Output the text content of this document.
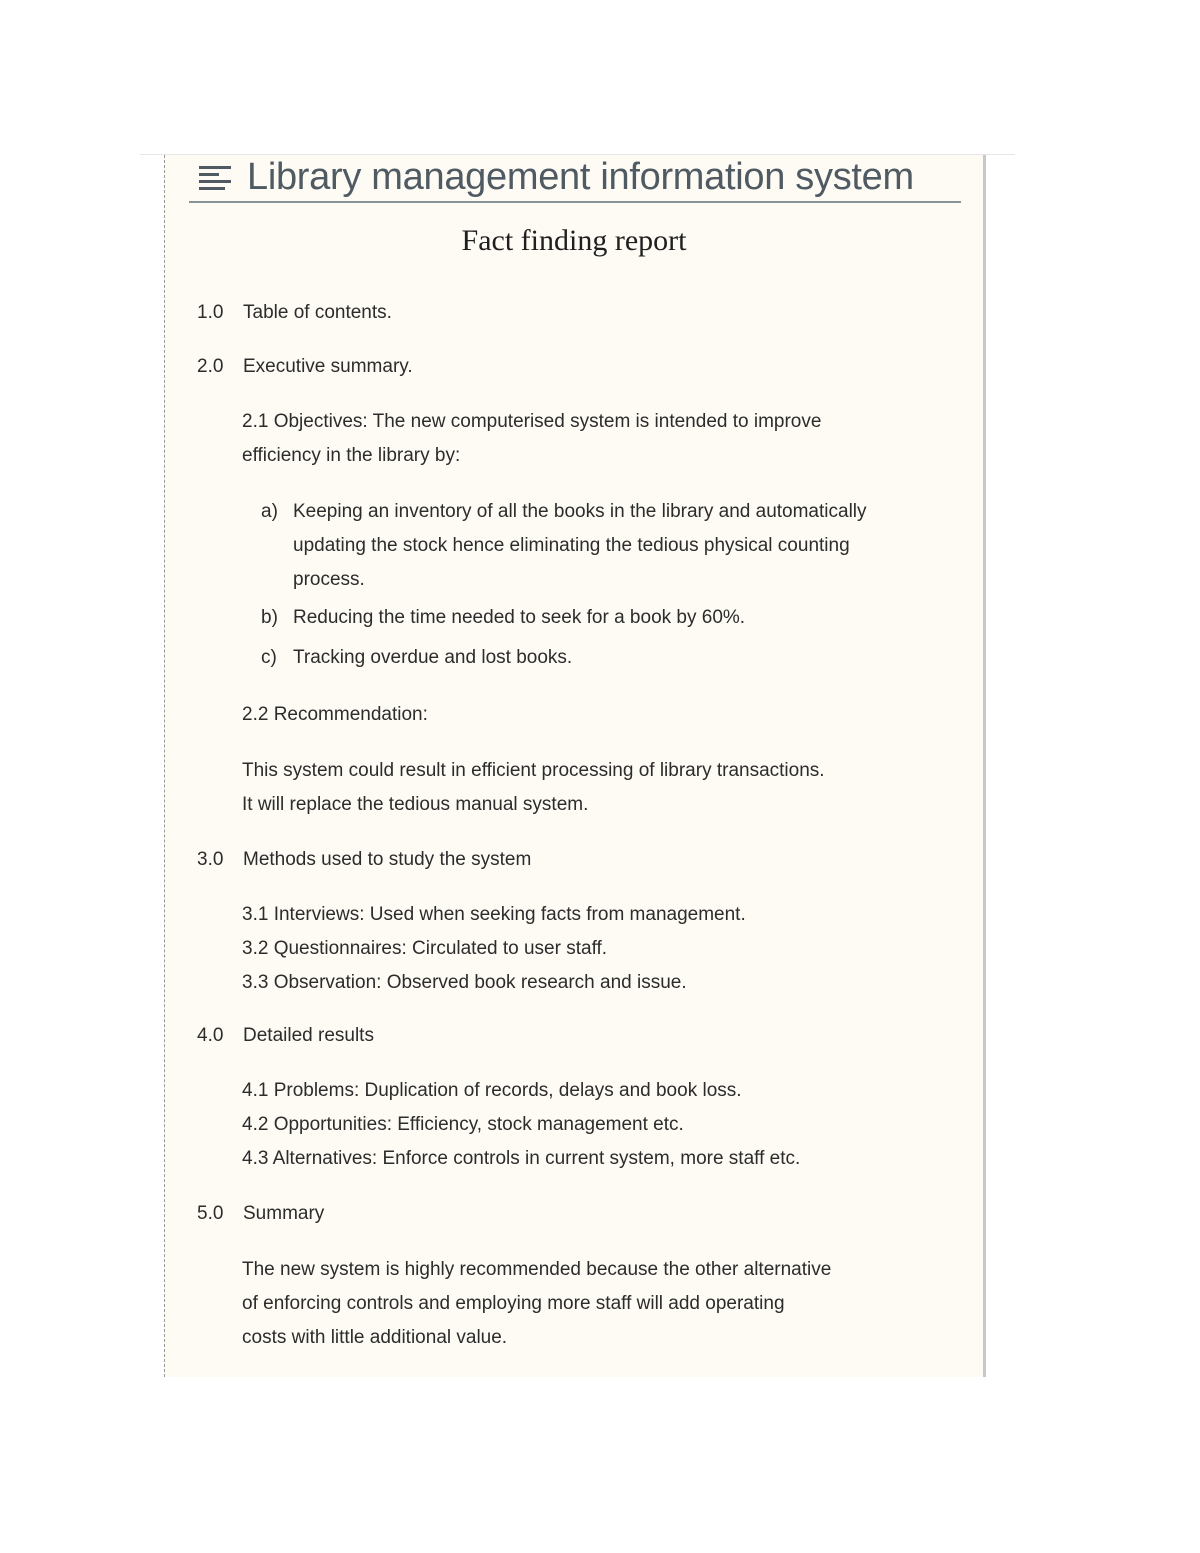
Library management information system
Fact finding report
1.0 Table of contents.
2.0 Executive summary.
2.1 Objectives: The new computerised system is intended to improve
efficiency in the library by:
a) Keeping an inventory of all the books in the library and automatically updating the stock hence eliminating the tedious physical counting process.
b) Reducing the time needed to seek for a book by 60%.
c) Tracking overdue and lost books.
2.2 Recommendation:
This system could result in efficient processing of library transactions.
It will replace the tedious manual system.
3.0 Methods used to study the system
3.1 Interviews: Used when seeking facts from management.
3.2 Questionnaires: Circulated to user staff.
3.3 Observation: Observed book research and issue.
4.0 Detailed results
4.1 Problems: Duplication of records, delays and book loss.
4.2 Opportunities: Efficiency, stock management etc.
4.3 Alternatives: Enforce controls in current system, more staff etc.
5.0 Summary
The new system is highly recommended because the other alternative
of enforcing controls and employing more staff will add operating
costs with little additional value.
